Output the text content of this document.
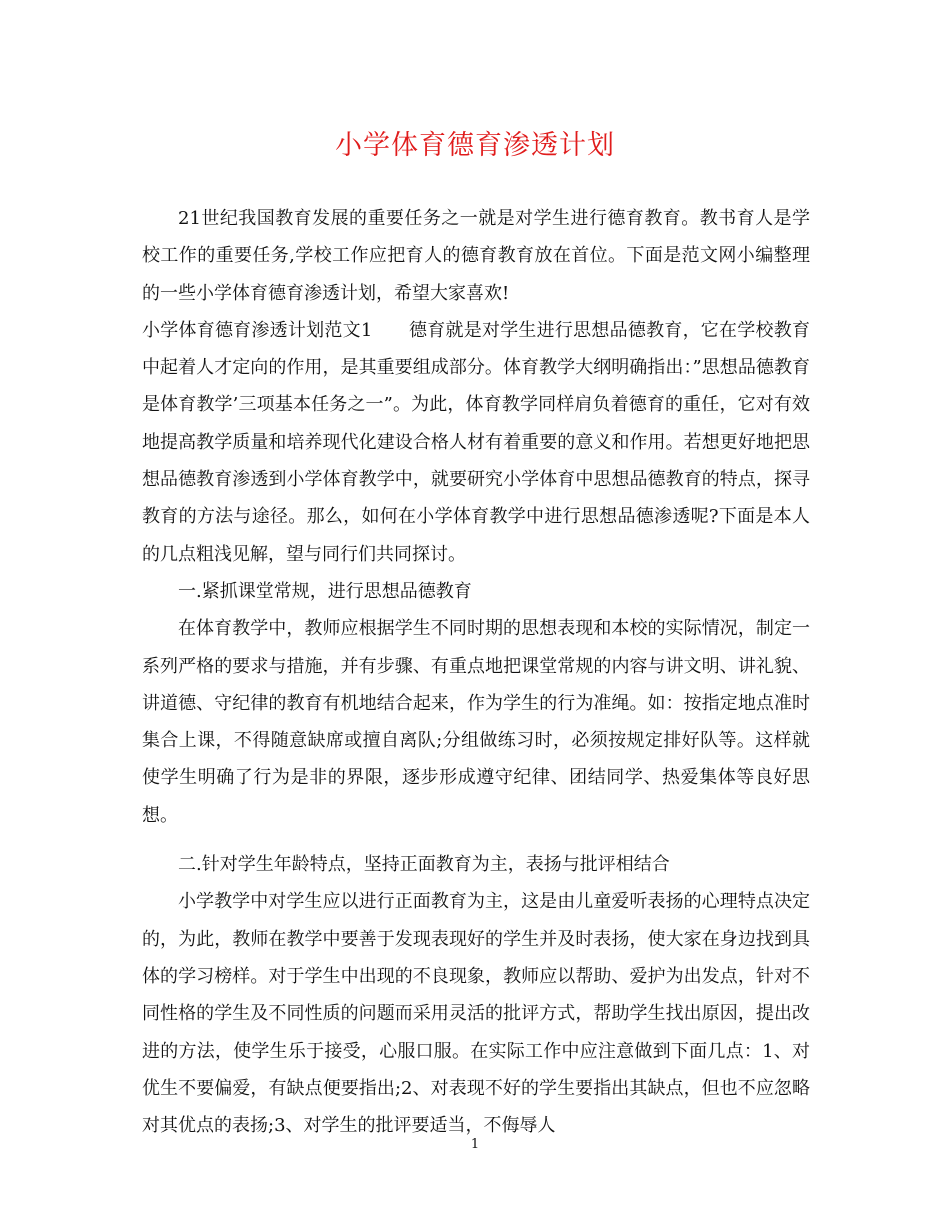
小学体育德育渗透计划

21世纪我国教育发展的重要任务之一就是对学生进行德育教育。教书育人是学校工作的重要任务,学校工作应把育人的德育教育放在首位。下面是范文网小编整理的一些小学体育德育渗透计划，希望大家喜欢!

小学体育德育渗透计划范文1　　德育就是对学生进行思想品德教育，它在学校教育中起着人才定向的作用，是其重要组成部分。体育教学大纲明确指出：”思想品德教育是体育教学’三项基本任务之一”。为此，体育教学同样肩负着德育的重任，它对有效地提高教学质量和培养现代化建设合格人材有着重要的意义和作用。若想更好地把思想品德教育渗透到小学体育教学中，就要研究小学体育中思想品德教育的特点，探寻教育的方法与途径。那么，如何在小学体育教学中进行思想品德渗透呢?下面是本人的几点粗浅见解，望与同行们共同探讨。

一.紧抓课堂常规，进行思想品德教育

在体育教学中，教师应根据学生不同时期的思想表现和本校的实际情况，制定一系列严格的要求与措施，并有步骤、有重点地把课堂常规的内容与讲文明、讲礼貌、讲道德、守纪律的教育有机地结合起来，作为学生的行为准绳。如：按指定地点准时集合上课，不得随意缺席或擅自离队;分组做练习时，必须按规定排好队等。这样就使学生明确了行为是非的界限，逐步形成遵守纪律、团结同学、热爱集体等良好思想。

二.针对学生年龄特点，坚持正面教育为主，表扬与批评相结合

小学教学中对学生应以进行正面教育为主，这是由儿童爱听表扬的心理特点决定的，为此，教师在教学中要善于发现表现好的学生并及时表扬，使大家在身边找到具体的学习榜样。对于学生中出现的不良现象，教师应以帮助、爱护为出发点，针对不同性格的学生及不同性质的问题而采用灵活的批评方式，帮助学生找出原因，提出改进的方法，使学生乐于接受，心服口服。在实际工作中应注意做到下面几点：1、对优生不要偏爱，有缺点便要指出;2、对表现不好的学生要指出其缺点，但也不应忽略对其优点的表扬;3、对学生的批评要适当，不侮辱人

1
